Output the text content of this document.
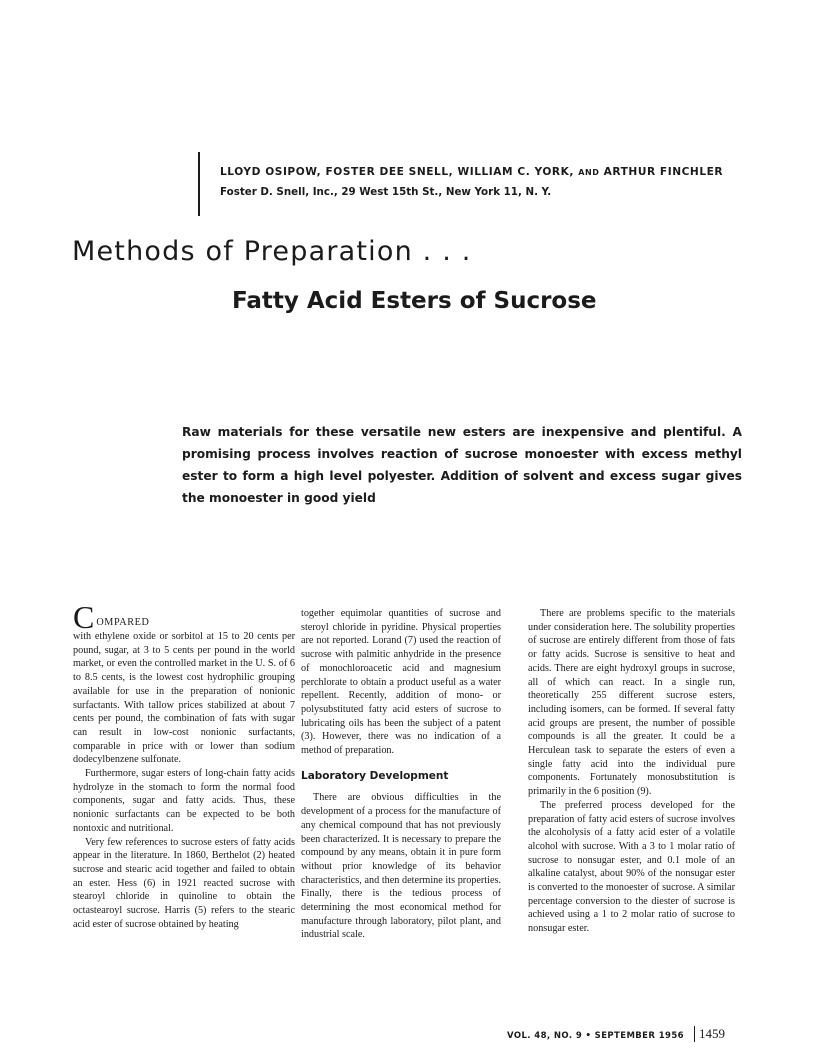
LLOYD OSIPOW, FOSTER DEE SNELL, WILLIAM C. YORK, AND ARTHUR FINCHLER
Foster D. Snell, Inc., 29 West 15th St., New York 11, N. Y.
Methods of Preparation . . .
Fatty Acid Esters of Sucrose
Raw materials for these versatile new esters are inexpensive and plentiful. A promising process involves reaction of sucrose monoester with excess methyl ester to form a high level polyester. Addition of solvent and excess sugar gives the monoester in good yield

C OMPARED
with ethylene oxide or sorbitol at 15 to 20 cents per pound, sugar, at 3 to 5 cents per pound in the world market, or even the controlled market in the U. S. of 6 to 8.5 cents, is the lowest cost hydrophilic grouping available for use in the preparation of nonionic surfactants. With tallow prices stabilized at about 7 cents per pound, the combination of fats with sugar can result in low-cost nonionic surfactants, comparable in price with or lower than sodium dodecylbenzene sulfonate.

Furthermore, sugar esters of long-chain fatty acids hydrolyze in the stomach to form the normal food components, sugar and fatty acids. Thus, these nonionic surfactants can be expected to be both nontoxic and nutritional.

Very few references to sucrose esters of fatty acids appear in the literature. In 1860, Berthelot (2) heated sucrose and stearic acid together and failed to obtain an ester. Hess (6) in 1921 reacted sucrose with stearoyl chloride in quinoline to obtain the octastearoyl sucrose. Harris (5) refers to the stearic acid ester of sucrose obtained by heating

together equimolar quantities of sucrose and steroyl chloride in pyridine. Physical properties are not reported. Lorand (7) used the reaction of sucrose with palmitic anhydride in the presence of monochloroacetic acid and magnesium perchlorate to obtain a product useful as a water repellent. Recently, addition of mono- or polysubstituted fatty acid esters of sucrose to lubricating oils has been the subject of a patent (3). However, there was no indication of a method of preparation.

Laboratory Development

There are obvious difficulties in the development of a process for the manufacture of any chemical compound that has not previously been characterized. It is necessary to prepare the compound by any means, obtain it in pure form without prior knowledge of its behavior characteristics, and then determine its properties. Finally, there is the tedious process of determining the most economical method for manufacture through laboratory, pilot plant, and industrial scale.

There are problems specific to the materials under consideration here. The solubility properties of sucrose are entirely different from those of fats or fatty acids. Sucrose is sensitive to heat and acids. There are eight hydroxyl groups in sucrose, all of which can react. In a single run, theoretically 255 different sucrose esters, including isomers, can be formed. If several fatty acid groups are present, the number of possible compounds is all the greater. It could be a Herculean task to separate the esters of even a single fatty acid into the individual pure components. Fortunately monosubstitution is primarily in the 6 position (9).

The preferred process developed for the preparation of fatty acid esters of sucrose involves the alcoholysis of a fatty acid ester of a volatile alcohol with sucrose. With a 3 to 1 molar ratio of sucrose to nonsugar ester, and 0.1 mole of an alkaline catalyst, about 90% of the nonsugar ester is converted to the monoester of sucrose. A similar percentage conversion to the diester of sucrose is achieved using a 1 to 2 molar ratio of sucrose to nonsugar ester.

VOL. 48, NO. 9 • SEPTEMBER 1956	1459
